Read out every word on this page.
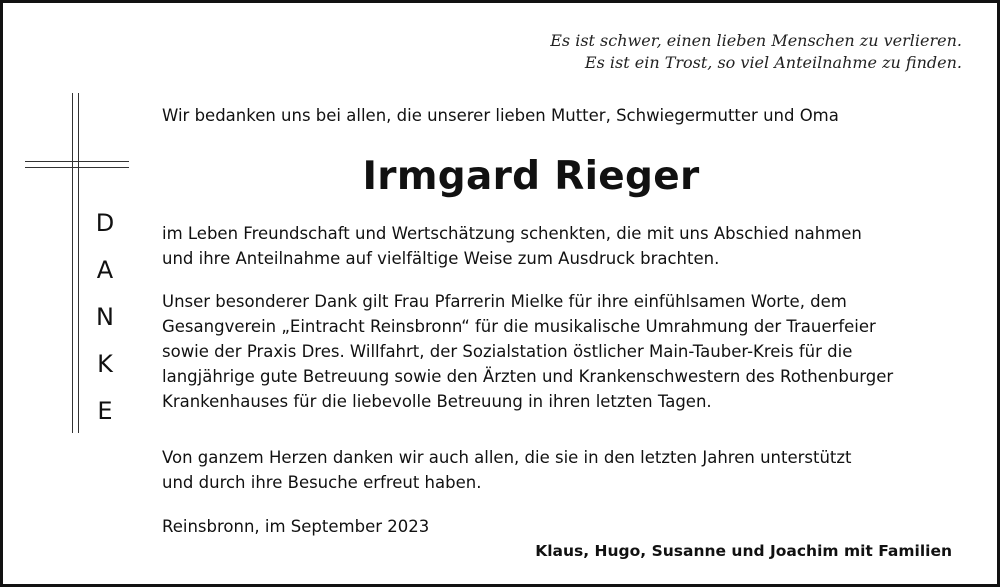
Es ist schwer, einen lieben Menschen zu verlieren.
Es ist ein Trost, so viel Anteilnahme zu finden.
D
A
N
K
E
Wir bedanken uns bei allen, die unserer lieben Mutter, Schwiegermutter und Oma
Irmgard Rieger
im Leben Freundschaft und Wertschätzung schenkten, die mit uns Abschied nahmen
und ihre Anteilnahme auf vielfältige Weise zum Ausdruck brachten.
Unser besonderer Dank gilt Frau Pfarrerin Mielke für ihre einfühlsamen Worte, dem
Gesangverein „Eintracht Reinsbronn“ für die musikalische Umrahmung der Trauerfeier
sowie der Praxis Dres. Willfahrt, der Sozialstation östlicher Main-Tauber-Kreis für die
langjährige gute Betreuung sowie den Ärzten und Krankenschwestern des Rothenburger
Krankenhauses für die liebevolle Betreuung in ihren letzten Tagen.
Von ganzem Herzen danken wir auch allen, die sie in den letzten Jahren unterstützt
und durch ihre Besuche erfreut haben.
Reinsbronn, im September 2023
Klaus, Hugo, Susanne und Joachim mit Familien
